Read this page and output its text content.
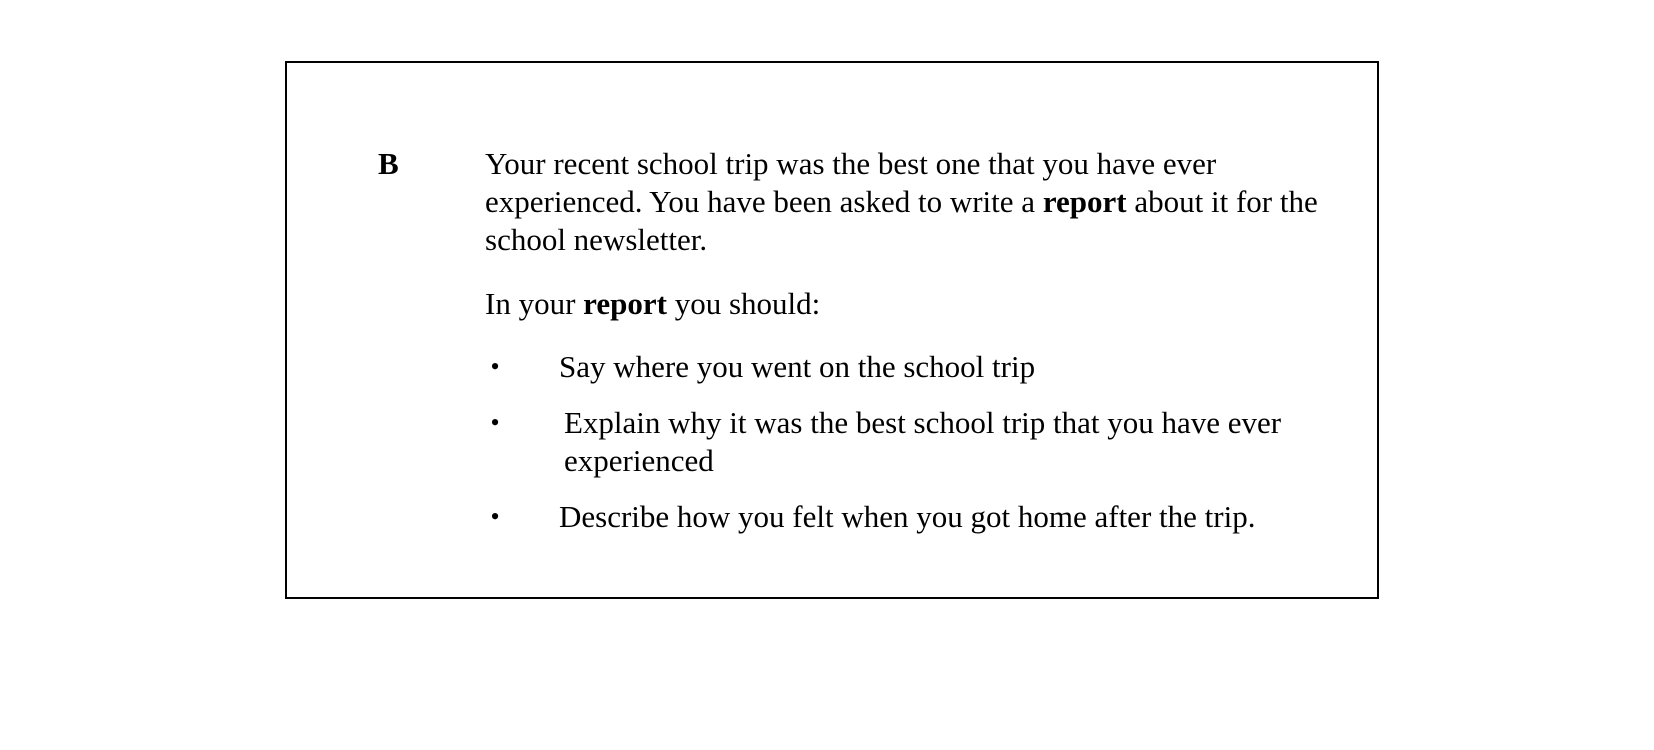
B	Your recent school trip was the best one that you have ever experienced. You have been asked to write a report about it for the school newsletter.

In your report you should:

• Say where you went on the school trip
• Explain why it was the best school trip that you have ever experienced
• Describe how you felt when you got home after the trip.
